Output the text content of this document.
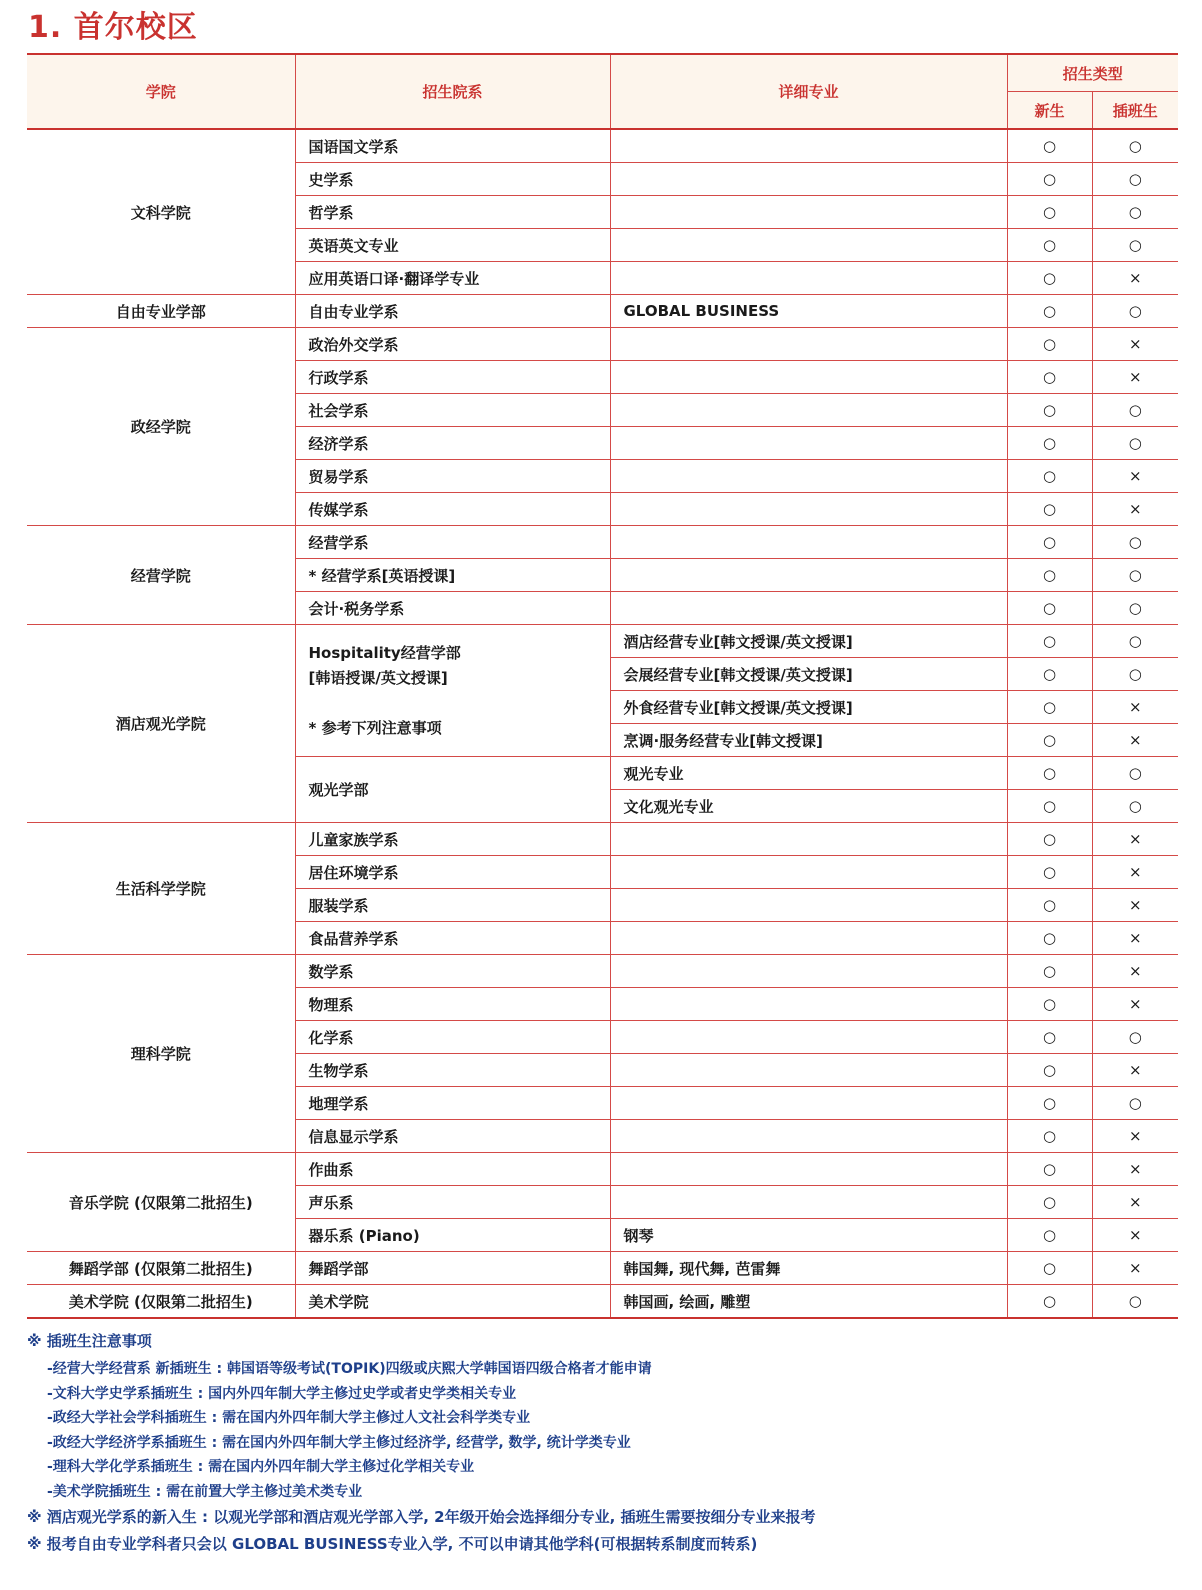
1. 首尔校区
学院	招生院系	详细专业	招生类型	
			新生	插班生
文科学院	国语国文学系		○	○
	史学系		○	○
	哲学系		○	○
	英语英文专业		○	○
	应用英语口译·翻译学专业		○	×
自由专业学部	自由专业学系	GLOBAL BUSINESS	○	○
政经学院	政治外交学系		○	×
	行政学系		○	×
	社会学系		○	○
	经济学系		○	○
	贸易学系		○	×
	传媒学系		○	×
经营学院	经营学系		○	○
	* 经营学系[英语授课]		○	○
	会计·税务学系		○	○
酒店观光学院	Hospitality经营学部
[韩语授课/英文授课]
* 参考下列注意事项	酒店经营专业[韩文授课/英文授课]	○	○
		会展经营专业[韩文授课/英文授课]	○	○
		外食经营专业[韩文授课/英文授课]	○	×
		烹调·服务经营专业[韩文授课]	○	×
	观光学部	观光专业	○	○
		文化观光专业	○	○
生活科学学院	儿童家族学系		○	×
	居住环境学系		○	×
	服装学系		○	×
	食品营养学系		○	×
理科学院	数学系		○	×
	物理系		○	×
	化学系		○	○
	生物学系		○	×
	地理学系		○	○
	信息显示学系		○	×
音乐学院 (仅限第二批招生)	作曲系		○	×
	声乐系		○	×
	器乐系 (Piano)	钢琴	○	×
舞蹈学部 (仅限第二批招生)	舞蹈学部	韩国舞, 现代舞, 芭雷舞	○	×
美术学院 (仅限第二批招生)	美术学院	韩国画, 绘画, 雕塑	○	○
※ 插班生注意事项
-经营大学经营系 新插班生 : 韩国语等级考试(TOPIK)四级或庆熙大学韩国语四级合格者才能申请
-文科大学史学系插班生 : 国内外四年制大学主修过史学或者史学类相关专业
-政经大学社会学科插班生 : 需在国内外四年制大学主修过人文社会科学类专业
-政经大学经济学系插班生 : 需在国内外四年制大学主修过经济学, 经营学, 数学, 统计学类专业
-理科大学化学系插班生 : 需在国内外四年制大学主修过化学相关专业
-美术学院插班生 : 需在前置大学主修过美术类专业
※ 酒店观光学系的新入生 : 以观光学部和酒店观光学部入学, 2年级开始会选择细分专业, 插班生需要按细分专业来报考
※ 报考自由专业学科者只会以 GLOBAL BUSINESS专业入学, 不可以申请其他学科(可根据转系制度而转系)
